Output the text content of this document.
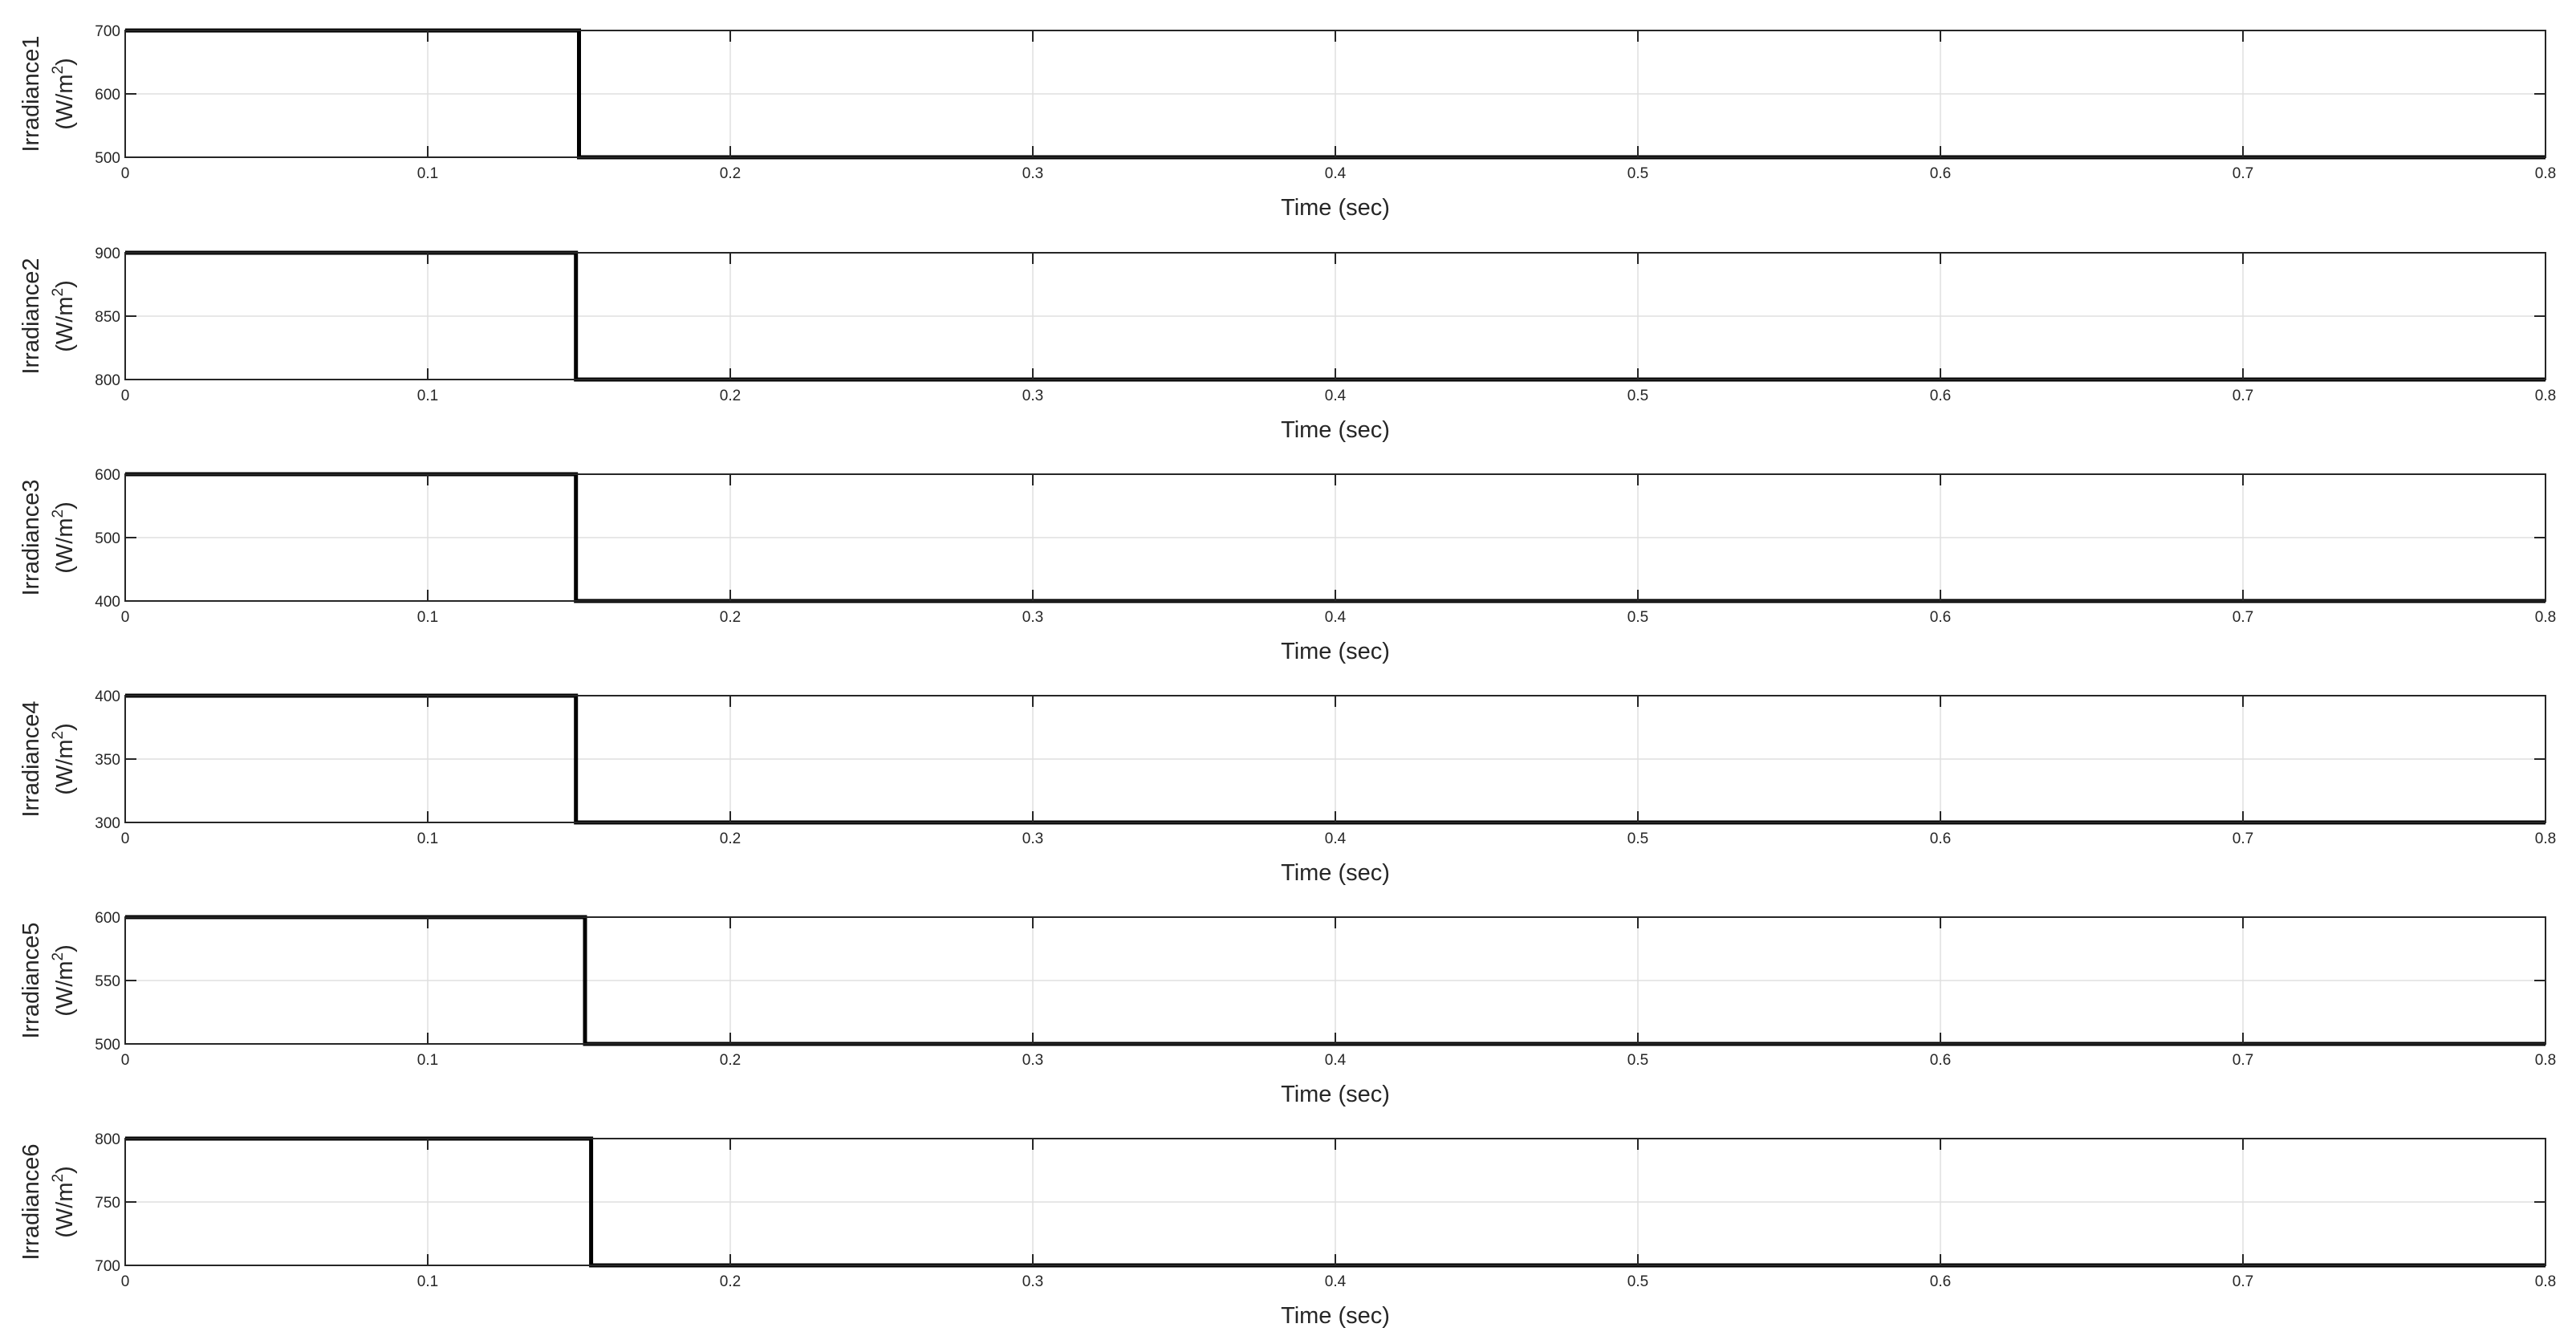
0	0.1	0.2	0.3	0.4	0.5	0.6	0.7	0.8
500
600
700
Time (sec)
Irradiance1 $(W/m^2)$
0	0.1	0.2	0.3	0.4	0.5	0.6	0.7	0.8
800
850
900
Time (sec)
Irradiance2 $(W/m^2)$
0	0.1	0.2	0.3	0.4	0.5	0.6	0.7	0.8
400
500
600
Time (sec)
Irradiance3 $(W/m^2)$
0	0.1	0.2	0.3	0.4	0.5	0.6	0.7	0.8
300
350
400
Time (sec)
Irradiance4 $(W/m^2)$
0	0.1	0.2	0.3	0.4	0.5	0.6	0.7	0.8
500
550
600
Time (sec)
Irradiance5 $(W/m^2)$
0	0.1	0.2	0.3	0.4	0.5	0.6	0.7	0.8
700
750
800
Time (sec)
Irradiance6 $(W/m^2)$
